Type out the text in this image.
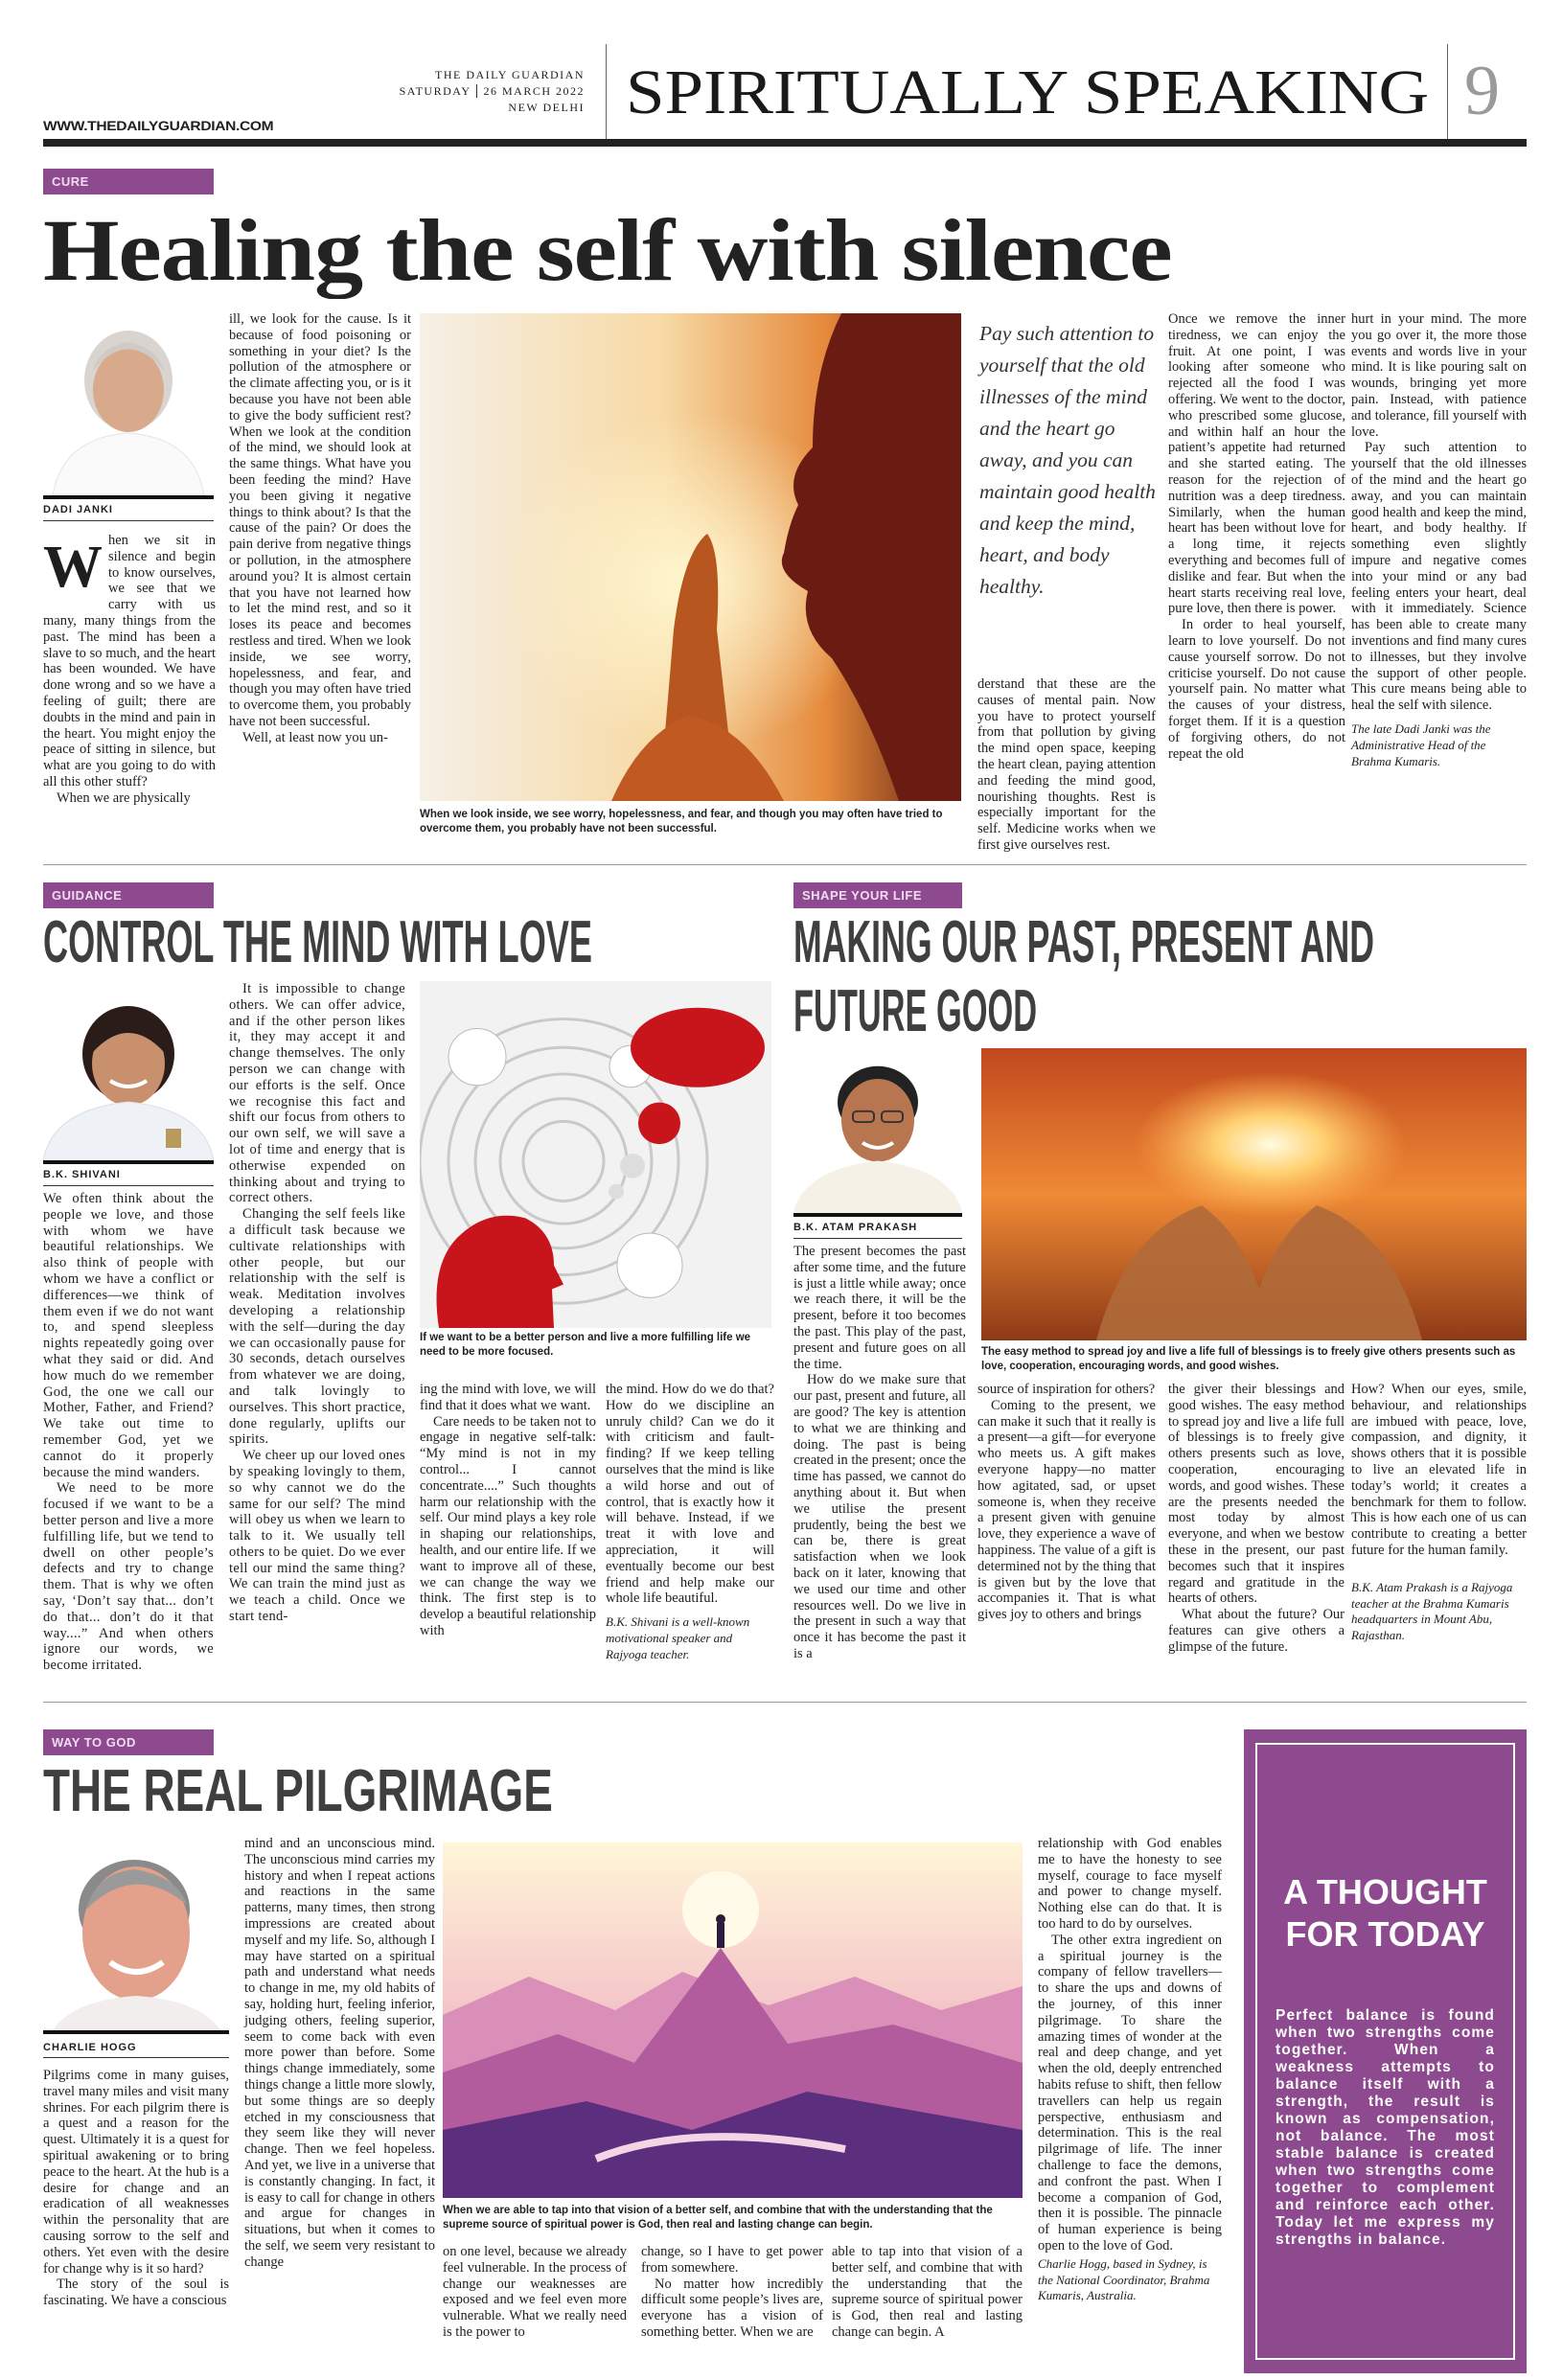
THE DAILY GUARDIAN
SATURDAY 26 MARCH 2022
NEW DELHI
WWW.THEDAILYGUARDIAN.COM	SPIRITUALLY SPEAKING 9
CURE
Healing the self with silence
DADI JANKI
W hen we sit in silence and begin to know ourselves, we see that we carry with us many, many things from the past. The mind has been a slave to so much, and the heart has been wounded. We have done wrong and so we have a feeling of guilt; there are doubts in the mind and pain in the heart. You might enjoy the peace of sitting in silence, but what are you going to do with all this other stuff?

When we are physically

ill, we look for the cause. Is it because of food poisoning or something in your diet? Is the pollution of the atmosphere or the climate affecting you, or is it because you have not been able to give the body sufficient rest? When we look at the condition of the mind, we should look at the same things. What have you been feeding the mind? Have you been giving it negative things to think about? Is that the cause of the pain? Or does the pain derive from negative things or pollution, in the atmosphere around you? It is almost certain that you have not learned how to let the mind rest, and so it loses its peace and becomes restless and tired. When we look inside, we see worry, hopelessness, and fear, and though you may often have tried to overcome them, you probably have not been successful.

Well, at least now you un-

When we look inside, we see worry, hopelessness, and fear, and though you may often have tried to overcome them, you probably have not been successful.
Pay such attention to yourself that the old illnesses of the mind and the heart go away, and you can maintain good health and keep the mind, heart, and body healthy.

derstand that these are the causes of mental pain. Now you have to protect yourself from that pollution by giving the mind open space, keeping the heart clean, paying attention and feeding the mind good, nourishing thoughts. Rest is especially important for the self. Medicine works when we first give ourselves rest.

Once we remove the inner tiredness, we can enjoy the fruit. At one point, I was looking after someone who rejected all the food I was offering. We went to the doctor, who prescribed some glucose, and within half an hour the patient’s appetite had returned and she started eating. The reason for the rejection of nutrition was a deep tiredness. Similarly, when the human heart has been without love for a long time, it rejects everything and becomes full of dislike and fear. But when the heart starts receiving real love, pure love, then there is power.

In order to heal yourself, learn to love yourself. Do not cause yourself sorrow. Do not criticise yourself. Do not cause yourself pain. No matter what the causes of your distress, forget them. If it is a question of forgiving others, do not repeat the old

hurt in your mind. The more you go over it, the more those events and words live in your mind. It is like pouring salt on wounds, bringing yet more pain. Instead, with patience and tolerance, fill yourself with love.

Pay such attention to yourself that the old illnesses of the mind and the heart go away, and you can maintain good health and keep the mind, heart, and body healthy. If something even slightly impure and negative comes into your mind or any bad feeling enters your heart, deal with it immediately. Science has been able to create many inventions and find many cures to illnesses, but they involve the support of other people. This cure means being able to heal the self with silence.

The late Dadi Janki was the Administrative Head of the Brahma Kumaris.
GUIDANCE
CONTROL THE MIND WITH LOVE
B.K. SHIVANI

We often think about the people we love, and those with whom we have beautiful relationships. We also think of people with whom we have a conflict or differences—we think of them even if we do not want to, and spend sleepless nights repeatedly going over what they said or did. And how much do we remember God, the one we call our Mother, Father, and Friend? We take out time to remember God, yet we cannot do it properly because the mind wanders.

We need to be more focused if we want to be a better person and live a more fulfilling life, but we tend to dwell on other people’s defects and try to change them. That is why we often say, ‘Don’t say that... don’t do that... don’t do it that way....” And when others ignore our words, we become irritated.

It is impossible to change others. We can offer advice, and if the other person likes it, they may accept it and change themselves. The only person we can change with our efforts is the self. Once we recognise this fact and shift our focus from others to our own self, we will save a lot of time and energy that is otherwise expended on thinking about and trying to correct others.

Changing the self feels like a difficult task because we cultivate relationships with other people, but our relationship with the self is weak. Meditation involves developing a relationship with the self—during the day we can occasionally pause for 30 seconds, detach ourselves from whatever we are doing, and talk lovingly to ourselves. This short practice, done regularly, uplifts our spirits.

We cheer up our loved ones by speaking lovingly to them, so why cannot we do the same for our self? The mind will obey us when we learn to talk to it. We usually tell others to be quiet. Do we ever tell our mind the same thing? We can train the mind just as we teach a child. Once we start tend-

If we want to be a better person and live a more fulfilling life we need to be more focused.

ing the mind with love, we will find that it does what we want.

Care needs to be taken not to engage in negative self-talk: “My mind is not in my control... I cannot concentrate....” Such thoughts harm our relationship with the self. Our mind plays a key role in shaping our relationships, health, and our entire life. If we want to improve all of these, we can change the way we think. The first step is to develop a beautiful relationship with

the mind. How do we do that? How do we discipline an unruly child? Can we do it with criticism and fault-finding? If we keep telling ourselves that the mind is like a wild horse and out of control, that is exactly how it will behave. Instead, if we treat it with love and appreciation, it will eventually become our best friend and help make our whole life beautiful.

B.K. Shivani is a well-known motivational speaker and Rajyoga teacher.
SHAPE YOUR LIFE
MAKING OUR PAST, PRESENT AND
FUTURE GOOD
B.K. ATAM PRAKASH

The present becomes the past after some time, and the future is just a little while away; once we reach there, it will be the present, before it too becomes the past. This play of the past, present and future goes on all the time.

How do we make sure that our past, present and future, all are good? The key is attention to what we are thinking and doing. The past is being created in the present; once the time has passed, we cannot do anything about it. But when we utilise the present prudently, being the best we can be, there is great satisfaction when we look back on it later, knowing that we used our time and other resources well. Do we live in the present in such a way that once it has become the past it is a

The easy method to spread joy and live a life full of blessings is to freely give others presents such as love, cooperation, encouraging words, and good wishes.

source of inspiration for others?

Coming to the present, we can make it such that it really is a present—a gift—for everyone who meets us. A gift makes everyone happy—no matter how agitated, sad, or upset someone is, when they receive a present given with genuine love, they experience a wave of happiness. The value of a gift is determined not by the thing that is given but by the love that accompanies it. That is what gives joy to others and brings

the giver their blessings and good wishes. The easy method to spread joy and live a life full of blessings is to freely give others presents such as love, cooperation, encouraging words, and good wishes. These are the presents needed the most today by almost everyone, and when we bestow these in the present, our past becomes such that it inspires regard and gratitude in the hearts of others.

What about the future? Our features can give others a glimpse of the future.

How? When our eyes, smile, behaviour, and relationships are imbued with peace, love, compassion, and dignity, it shows others that it is possible to live an elevated life in today’s world; it creates a benchmark for them to follow. This is how each one of us can contribute to creating a better future for the human family.

B.K. Atam Prakash is a Rajyoga teacher at the Brahma Kumaris headquarters in Mount Abu, Rajasthan.
WAY TO GOD
THE REAL PILGRIMAGE
CHARLIE HOGG

Pilgrims come in many guises, travel many miles and visit many shrines. For each pilgrim there is a quest and a reason for the quest. Ultimately it is a quest for spiritual awakening or to bring peace to the heart. At the hub is a desire for change and an eradication of all weaknesses within the personality that are causing sorrow to the self and others. Yet even with the desire for change why is it so hard?

The story of the soul is fascinating. We have a conscious

mind and an unconscious mind. The unconscious mind carries my history and when I repeat actions and reactions in the same patterns, many times, then strong impressions are created about myself and my life. So, although I may have started on a spiritual path and understand what needs to change in me, my old habits of say, holding hurt, feeling inferior, judging others, feeling superior, seem to come back with even more power than before. Some things change immediately, some things change a little more slowly, but some things are so deeply etched in my consciousness that they seem like they will never change. Then we feel hopeless. And yet, we live in a universe that is constantly changing. In fact, it is easy to call for change in others and argue for changes in situations, but when it comes to the self, we seem very resistant to change

When we are able to tap into that vision of a better self, and combine that with the understanding that the supreme source of spiritual power is God, then real and lasting change can begin.

on one level, because we already feel vulnerable. In the process of change our weaknesses are exposed and we feel even more vulnerable. What we really need is the power to

change, so I have to get power from somewhere.

No matter how incredibly difficult some people’s lives are, everyone has a vision of something better. When we are

able to tap into that vision of a better self, and combine that with the understanding that the supreme source of spiritual power is God, then real and lasting change can begin. A

relationship with God enables me to have the honesty to see myself, courage to face myself and power to change myself. Nothing else can do that. It is too hard to do by ourselves.

The other extra ingredient on a spiritual journey is the company of fellow travellers—to share the ups and downs of the journey, of this inner pilgrimage. To share the amazing times of wonder at the real and deep change, and yet when the old, deeply entrenched habits refuse to shift, then fellow travellers can help us regain perspective, enthusiasm and determination. This is the real pilgrimage of life. The inner challenge to face the demons, and confront the past. When I become a companion of God, then it is possible. The pinnacle of human experience is being open to the love of God.

Charlie Hogg, based in Sydney, is the National Coordinator, Brahma Kumaris, Australia.
A THOUGHT
FOR TODAY
Perfect balance is found when two strengths come together. When a weakness attempts to balance itself with a strength, the result is known as compensation, not balance. The most stable balance is created when two strengths come together to complement and reinforce each other. Today let me express my strengths in balance.
